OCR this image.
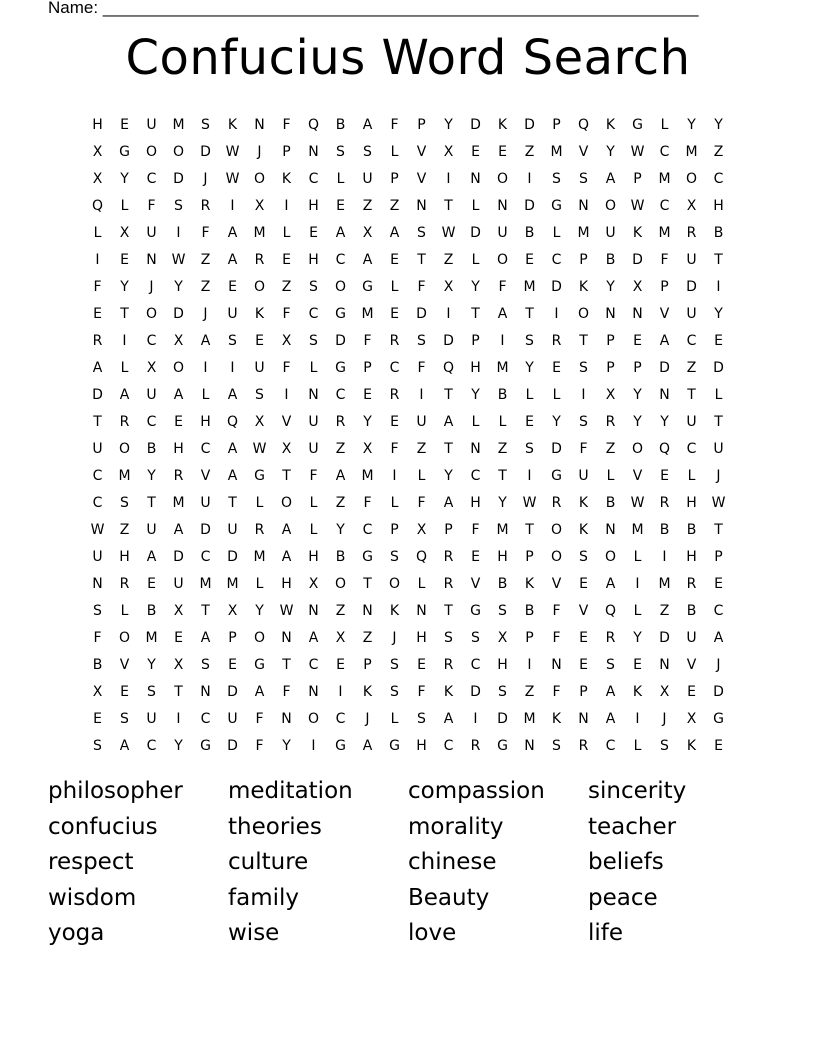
Name: _______________________________________________________________
Confucius Word Search
H	E	U	M	S	K	N	F	Q	B	A	F	P	Y	D	K	D	P	Q	K	G	L	Y	Y
X	G	O	O	D	W	J	P	N	S	S	L	V	X	E	E	Z	M	V	Y	W	C	M	Z
X	Y	C	D	J	W	O	K	C	L	U	P	V	I	N	O	I	S	S	A	P	M	O	C
Q	L	F	S	R	I	X	I	H	E	Z	Z	N	T	L	N	D	G	N	O	W	C	X	H
L	X	U	I	F	A	M	L	E	A	X	A	S	W	D	U	B	L	M	U	K	M	R	B
I	E	N	W	Z	A	R	E	H	C	A	E	T	Z	L	O	E	C	P	B	D	F	U	T
F	Y	J	Y	Z	E	O	Z	S	O	G	L	F	X	Y	F	M	D	K	Y	X	P	D	I
E	T	O	D	J	U	K	F	C	G	M	E	D	I	T	A	T	I	O	N	N	V	U	Y
R	I	C	X	A	S	E	X	S	D	F	R	S	D	P	I	S	R	T	P	E	A	C	E
A	L	X	O	I	I	U	F	L	G	P	C	F	Q	H	M	Y	E	S	P	P	D	Z	D
D	A	U	A	L	A	S	I	N	C	E	R	I	T	Y	B	L	L	I	X	Y	N	T	L
T	R	C	E	H	Q	X	V	U	R	Y	E	U	A	L	L	E	Y	S	R	Y	Y	U	T
U	O	B	H	C	A	W	X	U	Z	X	F	Z	T	N	Z	S	D	F	Z	O	Q	C	U
C	M	Y	R	V	A	G	T	F	A	M	I	L	Y	C	T	I	G	U	L	V	E	L	J
C	S	T	M	U	T	L	O	L	Z	F	L	F	A	H	Y	W	R	K	B	W	R	H	W
W	Z	U	A	D	U	R	A	L	Y	C	P	X	P	F	M	T	O	K	N	M	B	B	T
U	H	A	D	C	D	M	A	H	B	G	S	Q	R	E	H	P	O	S	O	L	I	H	P
N	R	E	U	M	M	L	H	X	O	T	O	L	R	V	B	K	V	E	A	I	M	R	E
S	L	B	X	T	X	Y	W	N	Z	N	K	N	T	G	S	B	F	V	Q	L	Z	B	C
F	O	M	E	A	P	O	N	A	X	Z	J	H	S	S	X	P	F	E	R	Y	D	U	A
B	V	Y	X	S	E	G	T	C	E	P	S	E	R	C	H	I	N	E	S	E	N	V	J
X	E	S	T	N	D	A	F	N	I	K	S	F	K	D	S	Z	F	P	A	K	X	E	D
E	S	U	I	C	U	F	N	O	C	J	L	S	A	I	D	M	K	N	A	I	J	X	G
S	A	C	Y	G	D	F	Y	I	G	A	G	H	C	R	G	N	S	R	C	L	S	K	E
philosopher	meditation	compassion	sincerity
confucius	theories	morality	teacher
respect	culture	chinese	beliefs
wisdom	family	Beauty	peace
yoga	wise	love	life
